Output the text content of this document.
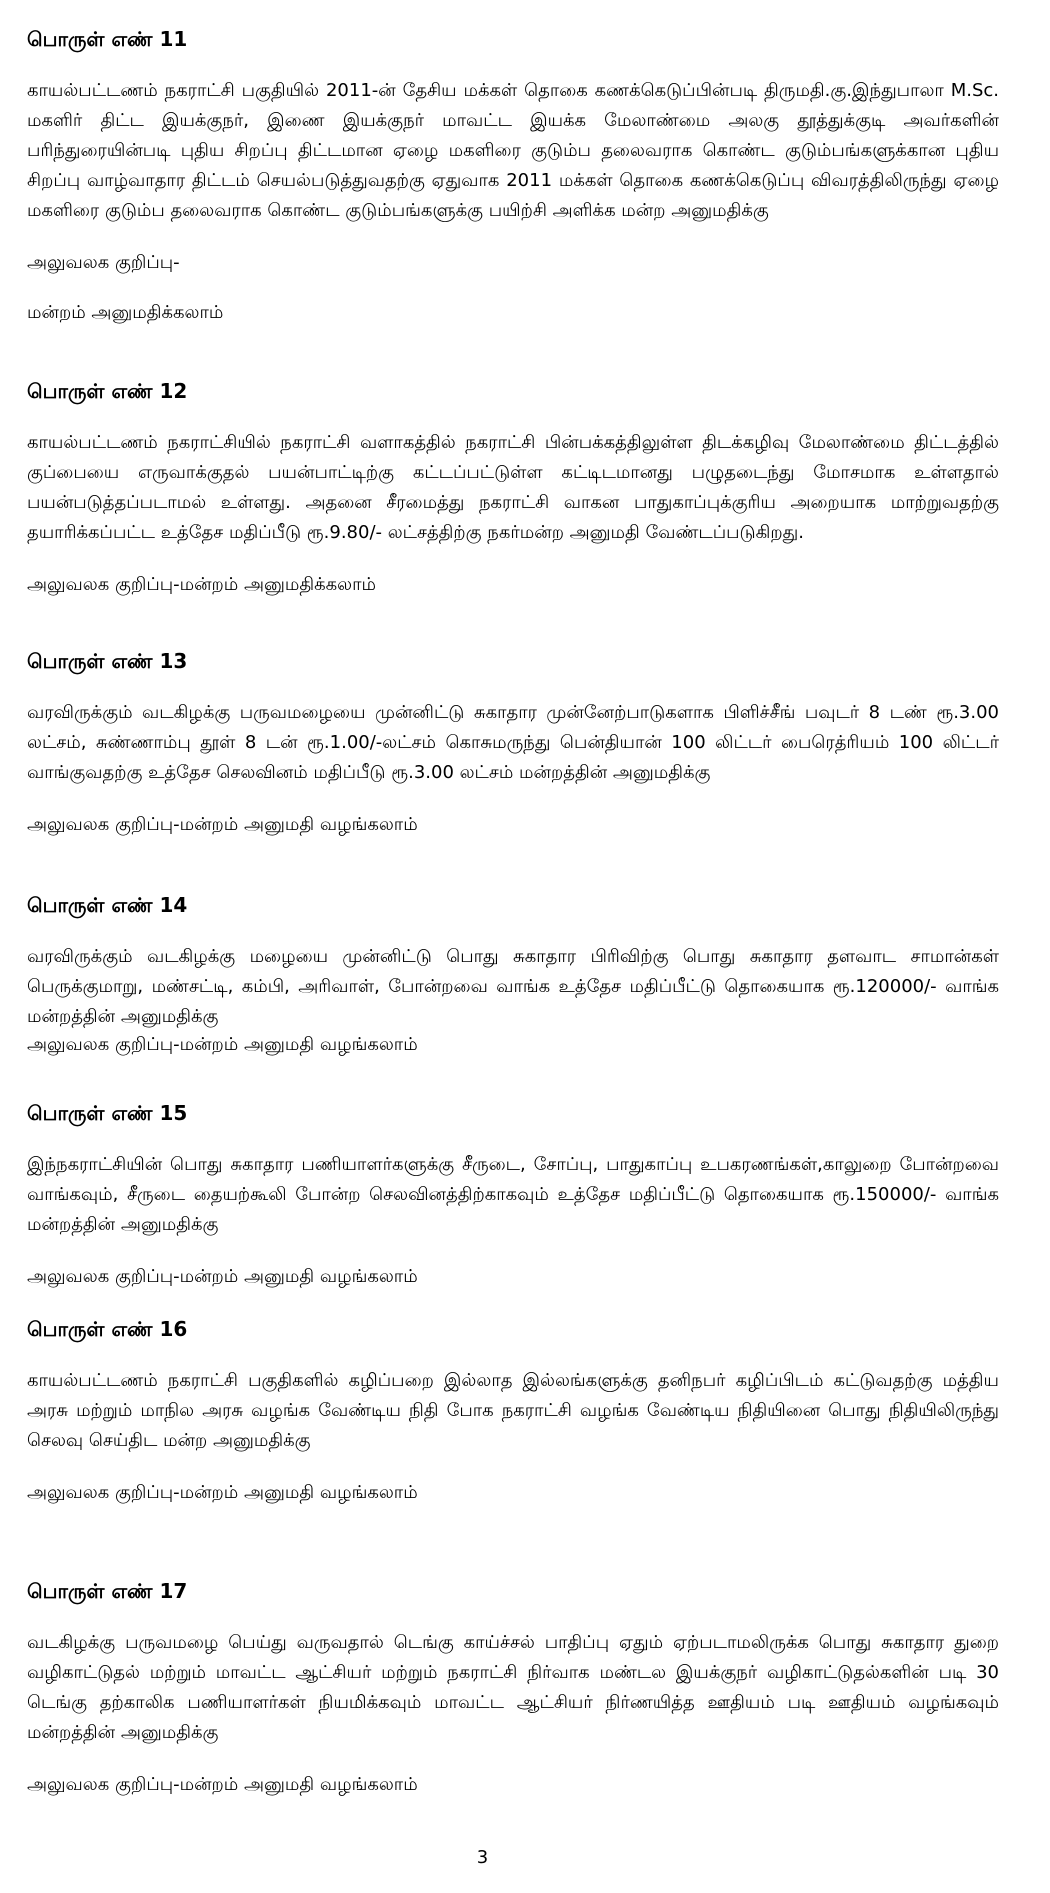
பொருள் எண் 11

காயல்பட்டணம் நகராட்சி பகுதியில் 2011-ன் தேசிய மக்கள் தொகை கணக்கெடுப்பின்படி திருமதி.கு.இந்துபாலா M.Sc. மகளிர் திட்ட இயக்குநர், இணை இயக்குநர் மாவட்ட இயக்க மேலாண்மை அலகு தூத்துக்குடி அவர்களின் பரிந்துரையின்படி புதிய சிறப்பு திட்டமான ஏழை மகளிரை குடும்ப தலைவராக கொண்ட குடும்பங்களுக்கான புதிய சிறப்பு வாழ்வாதார திட்டம் செயல்படுத்துவதற்கு ஏதுவாக 2011 மக்கள் தொகை கணக்கெடுப்பு விவரத்திலிருந்து ஏழை மகளிரை குடும்ப தலைவராக கொண்ட குடும்பங்களுக்கு பயிற்சி அளிக்க மன்ற அனுமதிக்கு

அலுவலக குறிப்பு-

மன்றம் அனுமதிக்கலாம்

பொருள் எண் 12

காயல்பட்டணம் நகராட்சியில் நகராட்சி வளாகத்தில் நகராட்சி பின்பக்கத்திலுள்ள திடக்கழிவு மேலாண்மை திட்டத்தில் குப்பையை எருவாக்குதல் பயன்பாட்டிற்கு கட்டப்பட்டுள்ள கட்டிடமானது பழுதடைந்து மோசமாக உள்ளதால் பயன்படுத்தப்படாமல் உள்ளது. அதனை சீரமைத்து நகராட்சி வாகன பாதுகாப்புக்குரிய அறையாக மாற்றுவதற்கு தயாரிக்கப்பட்ட உத்தேச மதிப்பீடு ரூ.9.80/- லட்சத்திற்கு நகர்மன்ற அனுமதி வேண்டப்படுகிறது.

அலுவலக குறிப்பு-மன்றம் அனுமதிக்கலாம்

பொருள் எண் 13

வரவிருக்கும் வடகிழக்கு பருவமழையை முன்னிட்டு சுகாதார முன்னேற்பாடுகளாக பிளிச்சீங் பவுடர் 8 டண் ரூ.3.00 லட்சம், சுண்ணாம்பு தூள் 8 டன் ரூ.1.00/-லட்சம் கொசுமருந்து பென்தியான் 100 லிட்டர் பைரெத்ரியம் 100 லிட்டர் வாங்குவதற்கு உத்தேச செலவினம் மதிப்பீடு ரூ.3.00 லட்சம் மன்றத்தின் அனுமதிக்கு

அலுவலக குறிப்பு-மன்றம் அனுமதி வழங்கலாம்

பொருள் எண் 14

வரவிருக்கும் வடகிழக்கு மழையை முன்னிட்டு பொது சுகாதார பிரிவிற்கு பொது சுகாதார தளவாட சாமான்கள் பெருக்குமாறு, மண்சட்டி, கம்பி, அரிவாள், போன்றவை வாங்க உத்தேச மதிப்பீட்டு தொகையாக ரூ.120000/- வாங்க மன்றத்தின் அனுமதிக்கு

அலுவலக குறிப்பு-மன்றம் அனுமதி வழங்கலாம்

பொருள் எண் 15

இந்நகராட்சியின் பொது சுகாதார பணியாளர்களுக்கு சீருடை, சோப்பு, பாதுகாப்பு உபகரணங்கள்,காலுறை போன்றவை வாங்கவும், சீருடை தையற்கூலி போன்ற செலவினத்திற்காகவும் உத்தேச மதிப்பீட்டு தொகையாக ரூ.150000/- வாங்க மன்றத்தின் அனுமதிக்கு

அலுவலக குறிப்பு-மன்றம் அனுமதி வழங்கலாம்

பொருள் எண் 16

காயல்பட்டணம் நகராட்சி பகுதிகளில் கழிப்பறை இல்லாத இல்லங்களுக்கு தனிநபர் கழிப்பிடம் கட்டுவதற்கு மத்திய அரசு மற்றும் மாநில அரசு வழங்க வேண்டிய நிதி போக நகராட்சி வழங்க வேண்டிய நிதியினை பொது நிதியிலிருந்து செலவு செய்திட மன்ற அனுமதிக்கு

அலுவலக குறிப்பு-மன்றம் அனுமதி வழங்கலாம்

பொருள் எண் 17

வடகிழக்கு பருவமழை பெய்து வருவதால் டெங்கு காய்ச்சல் பாதிப்பு ஏதும் ஏற்படாமலிருக்க பொது சுகாதார துறை வழிகாட்டுதல் மற்றும் மாவட்ட ஆட்சியர் மற்றும் நகராட்சி நிர்வாக மண்டல இயக்குநர் வழிகாட்டுதல்களின் படி 30 டெங்கு தற்காலிக பணியாளர்கள் நியமிக்கவும் மாவட்ட ஆட்சியர் நிர்ணயித்த ஊதியம் படி ஊதியம் வழங்கவும் மன்றத்தின் அனுமதிக்கு

அலுவலக குறிப்பு-மன்றம் அனுமதி வழங்கலாம்

3
